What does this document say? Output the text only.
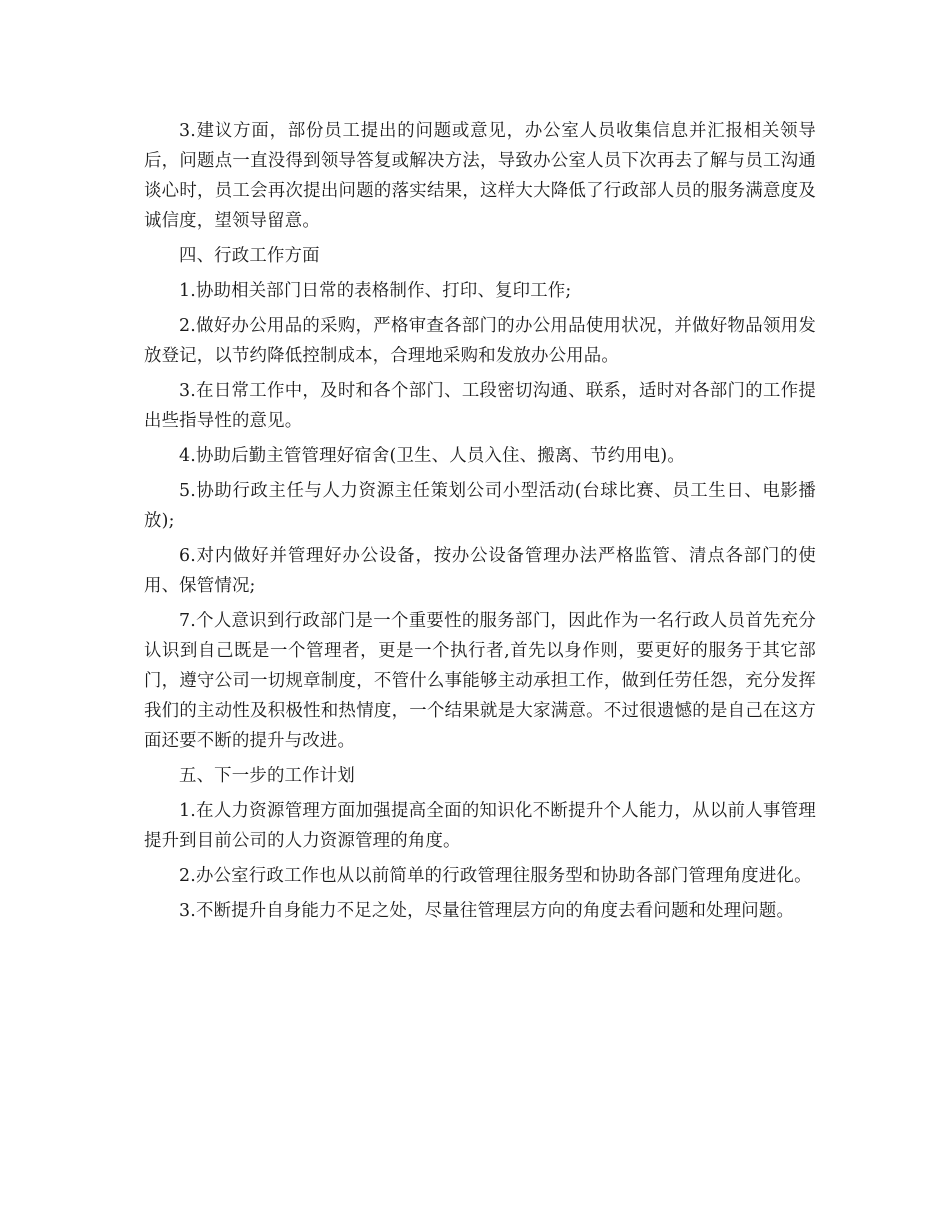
3.建议方面，部份员工提出的问题或意见，办公室人员收集信息并汇报相关领导后，问题点一直没得到领导答复或解决方法，导致办公室人员下次再去了解与员工沟通谈心时，员工会再次提出问题的落实结果，这样大大降低了行政部人员的服务满意度及诚信度，望领导留意。

四、行政工作方面

1.协助相关部门日常的表格制作、打印、复印工作;

2.做好办公用品的采购，严格审查各部门的办公用品使用状况，并做好物品领用发放登记，以节约降低控制成本，合理地采购和发放办公用品。

3.在日常工作中，及时和各个部门、工段密切沟通、联系，适时对各部门的工作提出些指导性的意见。

4.协助后勤主管管理好宿舍(卫生、人员入住、搬离、节约用电)。

5.协助行政主任与人力资源主任策划公司小型活动(台球比赛、员工生日、电影播放);

6.对内做好并管理好办公设备，按办公设备管理办法严格监管、清点各部门的使用、保管情况;

7.个人意识到行政部门是一个重要性的服务部门，因此作为一名行政人员首先充分认识到自己既是一个管理者，更是一个执行者,首先以身作则，要更好的服务于其它部门，遵守公司一切规章制度，不管什么事能够主动承担工作，做到任劳任怨，充分发挥我们的主动性及积极性和热情度，一个结果就是大家满意。不过很遗憾的是自己在这方面还要不断的提升与改进。

五、下一步的工作计划

1.在人力资源管理方面加强提高全面的知识化不断提升个人能力，从以前人事管理提升到目前公司的人力资源管理的角度。

2.办公室行政工作也从以前简单的行政管理往服务型和协助各部门管理角度进化。

3.不断提升自身能力不足之处，尽量往管理层方向的角度去看问题和处理问题。
